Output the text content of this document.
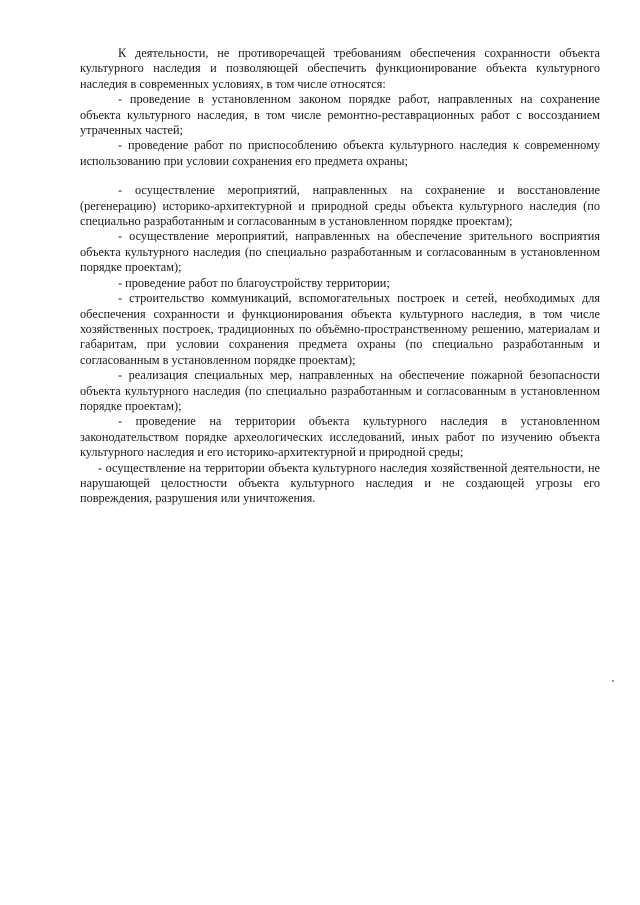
К деятельности, не противоречащей требованиям обеспечения сохранности объекта культурного наследия и позволяющей обеспечить функционирование объекта культурного наследия в современных условиях, в том числе относятся:

- проведение в установленном законом порядке работ, направленных на сохранение объекта культурного наследия, в том числе ремонтно-реставрационных работ с воссозданием утраченных частей;

- проведение работ по приспособлению объекта культурного наследия к современному использованию при условии сохранения его предмета охраны;

- осуществление мероприятий, направленных на сохранение и восстановление (регенерацию) историко-архитектурной и природной среды объекта культурного наследия (по специально разработанным и согласованным в установленном порядке проектам);

- осуществление мероприятий, направленных на обеспечение зрительного восприятия объекта культурного наследия (по специально разработанным и согласованным в установленном порядке проектам);

- проведение работ по благоустройству территории;

- строительство коммуникаций, вспомогательных построек и сетей, необходимых для обеспечения сохранности и функционирования объекта культурного наследия, в том числе хозяйственных построек, традиционных по объёмно-пространственному решению, материалам и габаритам, при условии сохранения предмета охраны (по специально разработанным и согласованным в установленном порядке проектам);

- реализация специальных мер, направленных на обеспечение пожарной безопасности объекта культурного наследия (по специально разработанным и согласованным в установленном порядке проектам);

- проведение на территории объекта культурного наследия в установленном законодательством порядке археологических исследований, иных работ по изучению объекта культурного наследия и его историко-архитектурной и природной среды;

- осуществление на территории объекта культурного наследия хозяйственной деятельности, не нарушающей целостности объекта культурного наследия и не создающей угрозы его повреждения, разрушения или уничтожения.
